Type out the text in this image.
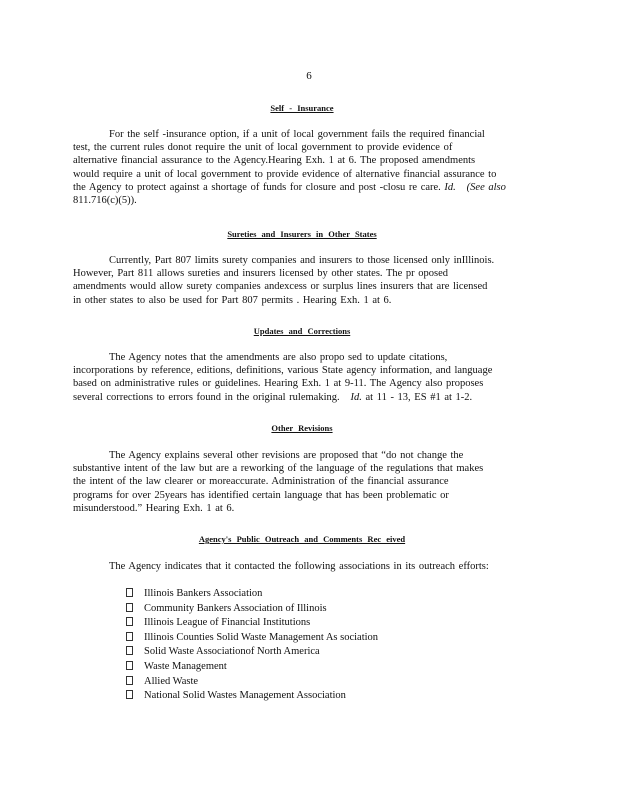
6
Self - Insurance
For the self -insurance option, if a unit of local government fails the required financial
test, the current rules donot require the unit of local government to provide evidence of
alternative financial assurance to the Agency.Hearing Exh. 1 at 6. The proposed amendments
would require a unit of local government to provide evidence of alternative financial assurance to
the Agency to protect against a shortage of funds for closure and post -closu re care. Id. (See also
811.716(c)(5)).
Sureties and Insurers in Other States
Currently, Part 807 limits surety companies and insurers to those licensed only inIllinois.
However, Part 811 allows sureties and insurers licensed by other states. The pr oposed
amendments would allow surety companies andexcess or surplus lines insurers that are licensed
in other states to also be used for Part 807 permits . Hearing Exh. 1 at 6.
Updates and Corrections
The Agency notes that the amendments are also propo sed to update citations,
incorporations by reference, editions, definitions, various State agency information, and language
based on administrative rules or guidelines. Hearing Exh. 1 at 9-11. The Agency also proposes
several corrections to errors found in the original rulemaking. Id. at 11 - 13, ES #1 at 1-2.
Other Revisions
The Agency explains several other revisions are proposed that “do not change the
substantive intent of the law but are a reworking of the language of the regulations that makes
the intent of the law clearer or moreaccurate. Administration of the financial assurance
programs for over 25years has identified certain language that has been problematic or
misunderstood.” Hearing Exh. 1 at 6.
Agency's Public Outreach and Comments Rec eived
The Agency indicates that it contacted the following associations in its outreach efforts:
Illinois Bankers Association
Community Bankers Association of Illinois
Illinois League of Financial Institutions
Illinois Counties Solid Waste Management As sociation
Solid Waste Associationof North America
Waste Management
Allied Waste
National Solid Wastes Management Association
